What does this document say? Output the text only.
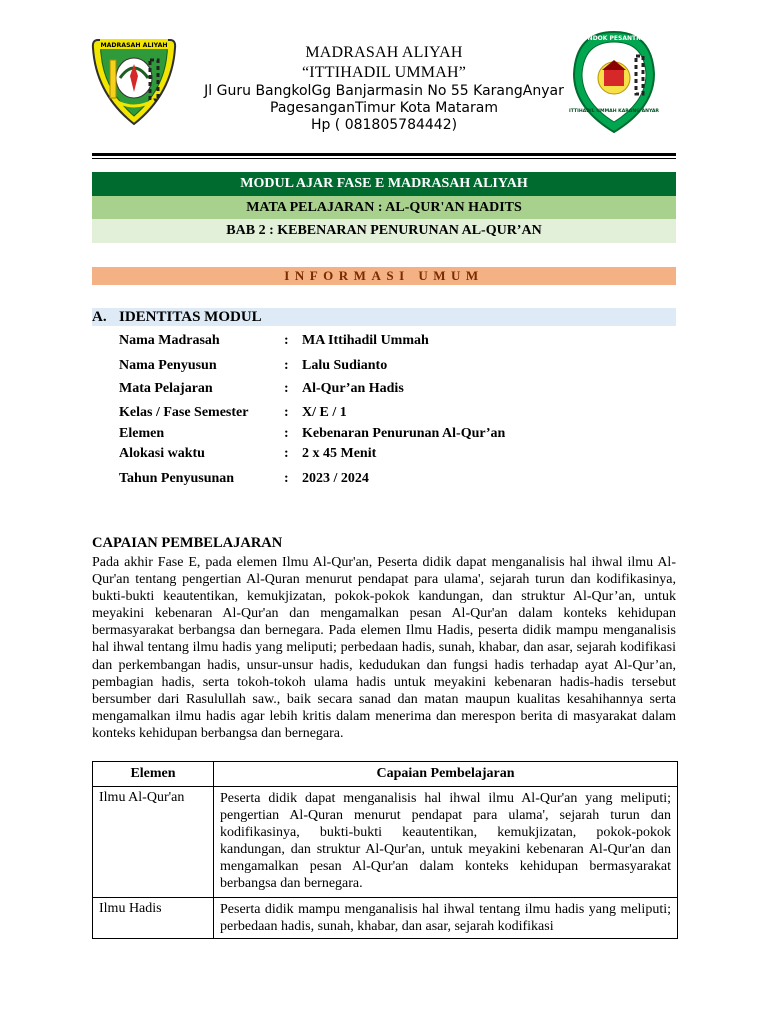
MADRASAH ALIYAH
PONDOK PESANTREN
ITTIHADIL UMMAH KARANG ANYAR
MADRASAH ALIYAH
“ITTIHADIL UMMAH”
Jl Guru BangkolGg Banjarmasin No 55 KarangAnyar
PagesanganTimur Kota Mataram
Hp ( 081805784442)
MODUL AJAR FASE E MADRASAH ALIYAH
MATA PELAJARAN : AL-QUR'AN HADITS
BAB 2 : KEBENARAN PENURUNAN AL-QUR’AN
INFORMASI UMUM
A. IDENTITAS MODUL
Nama Madrasah	: MA Ittihadil Ummah
Nama Penyusun	: Lalu Sudianto
Mata Pelajaran	: Al-Qur’an Hadis
Kelas / Fase Semester	: X/ E / 1
Elemen	: Kebenaran Penurunan Al-Qur’an
Alokasi waktu	: 2 x 45 Menit
Tahun Penyusunan	: 2023 / 2024
CAPAIAN PEMBELAJARAN
Pada akhir Fase E, pada elemen Ilmu Al-Qur'an, Peserta didik dapat menganalisis hal ihwal ilmu Al-Qur'an tentang pengertian Al-Quran menurut pendapat para ulama', sejarah turun dan kodifikasinya, bukti-bukti keautentikan, kemukjizatan, pokok-pokok kandungan, dan struktur Al-Qur’an, untuk meyakini kebenaran Al-Qur'an dan mengamalkan pesan Al-Qur'an dalam konteks kehidupan bermasyarakat berbangsa dan bernegara. Pada elemen Ilmu Hadis, peserta didik mampu menganalisis hal ihwal tentang ilmu hadis yang meliputi; perbedaan hadis, sunah, khabar, dan asar, sejarah kodifikasi dan perkembangan hadis, unsur-unsur hadis, kedudukan dan fungsi hadis terhadap ayat Al-Qur’an, pembagian hadis, serta tokoh-tokoh ulama hadis untuk meyakini kebenaran hadis-hadis tersebut bersumber dari Rasulullah saw., baik secara sanad dan matan maupun kualitas kesahihannya serta mengamalkan ilmu hadis agar lebih kritis dalam menerima dan merespon berita di masyarakat dalam konteks kehidupan berbangsa dan bernegara.
Elemen	Capaian Pembelajaran
Ilmu Al-Qur'an	Peserta didik dapat menganalisis hal ihwal ilmu Al-Qur'an yang meliputi; pengertian Al-Quran menurut pendapat para ulama', sejarah turun dan kodifikasinya, bukti-bukti keautentikan, kemukjizatan, pokok-pokok kandungan, dan struktur Al-Qur'an, untuk meyakini kebenaran Al-Qur'an dan mengamalkan pesan Al-Qur'an dalam konteks kehidupan bermasyarakat berbangsa dan bernegara.
Ilmu Hadis	Peserta didik mampu menganalisis hal ihwal tentang ilmu hadis yang meliputi; perbedaan hadis, sunah, khabar, dan asar, sejarah kodifikasi
